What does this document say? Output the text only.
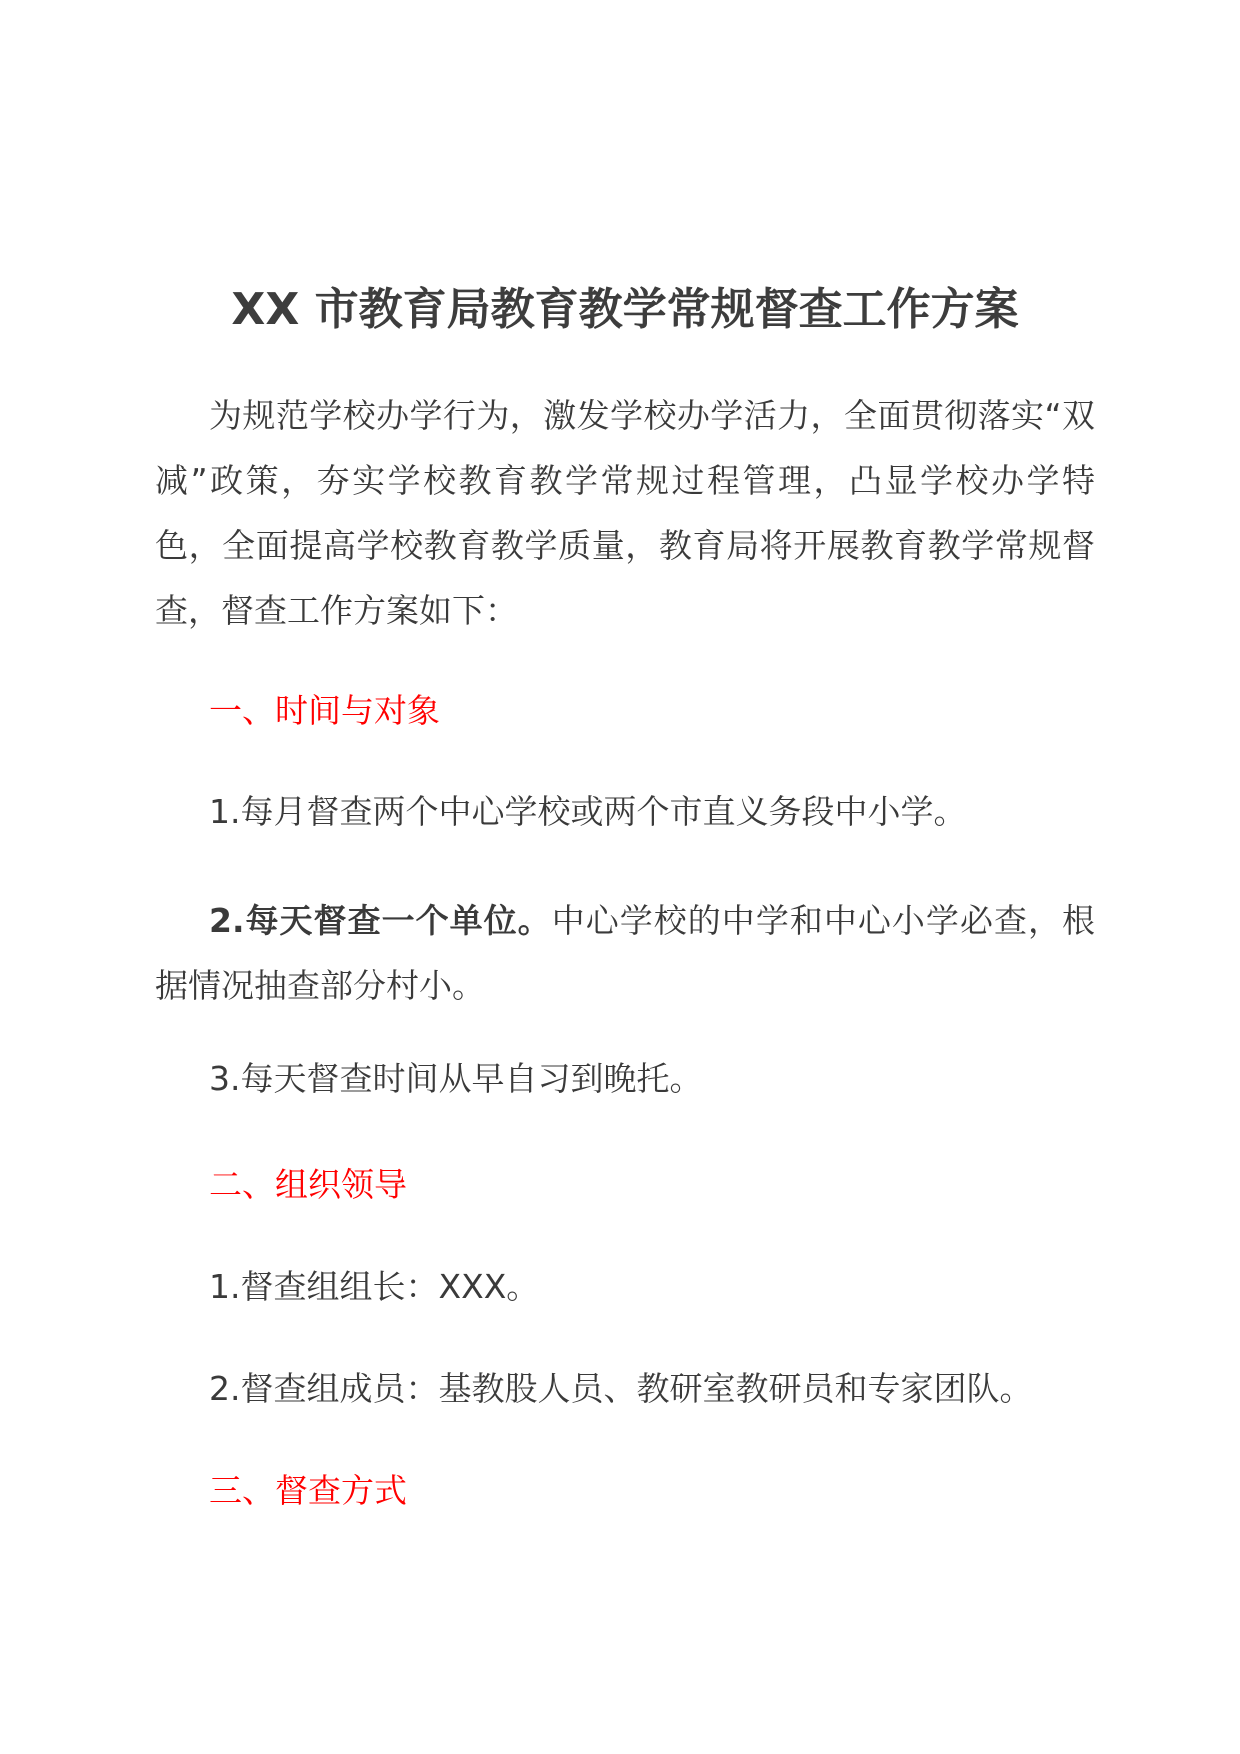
XX 市教育局教育教学常规督查工作方案

为规范学校办学行为，激发学校办学活力，全面贯彻落实“双减”政策，夯实学校教育教学常规过程管理，凸显学校办学特色，全面提高学校教育教学质量，教育局将开展教育教学常规督查，督查工作方案如下：

一、时间与对象

1.每月督查两个中心学校或两个市直义务段中小学。

2.每天督查一个单位。中心学校的中学和中心小学必查，根据情况抽查部分村小。

3.每天督查时间从早自习到晚托。

二、组织领导

1.督查组组长：XXX。

2.督查组成员：基教股人员、教研室教研员和专家团队。

三、督查方式
